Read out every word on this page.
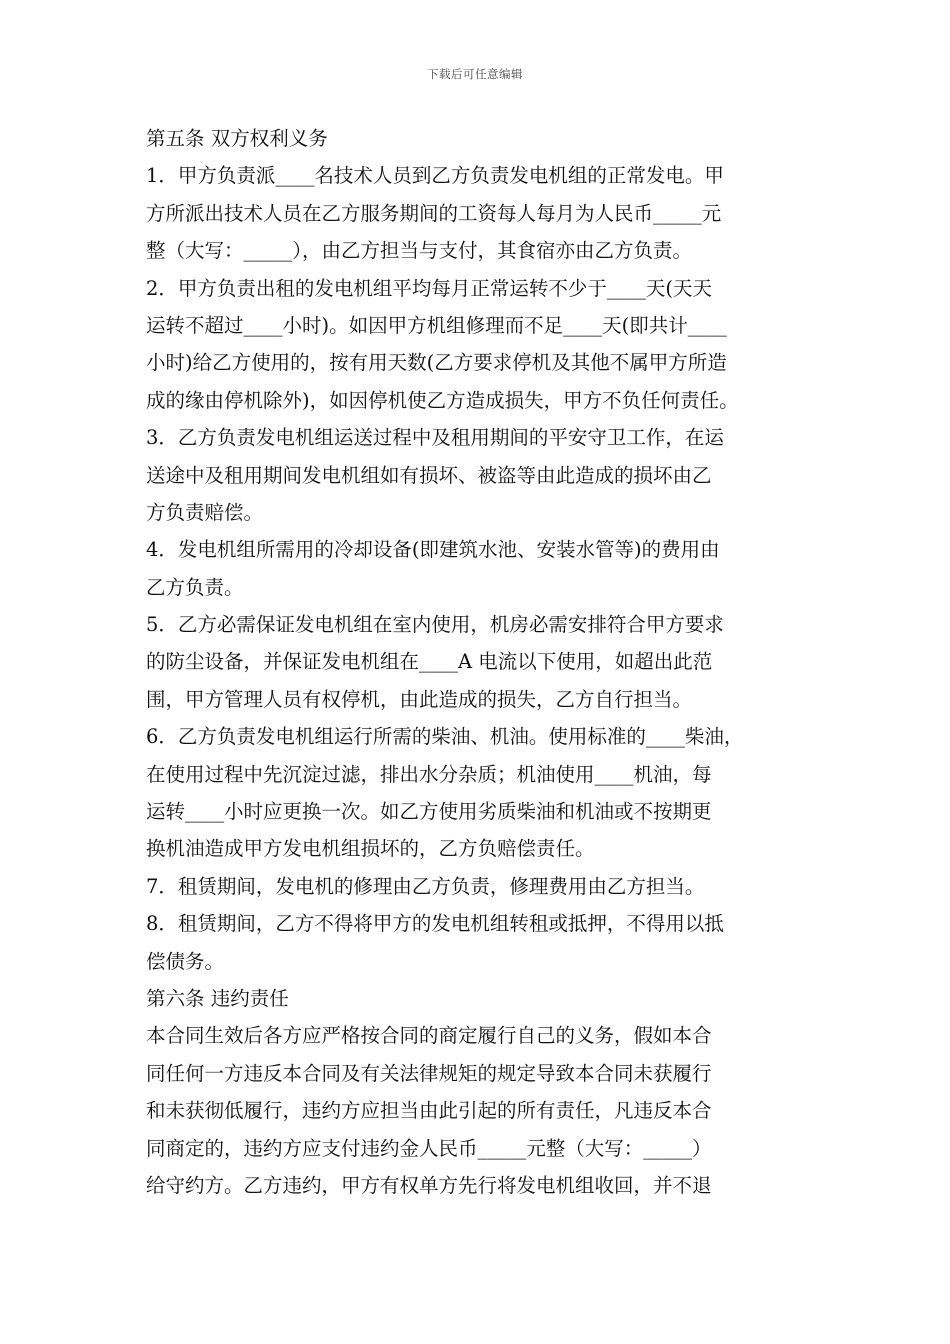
下载后可任意编辑
第五条 双方权利义务
1．甲方负责派____名技术人员到乙方负责发电机组的正常发电。甲
方所派出技术人员在乙方服务期间的工资每人每月为人民币_____元
整（大写：_____），由乙方担当与支付，其食宿亦由乙方负责。
2．甲方负责出租的发电机组平均每月正常运转不少于____天(天天
运转不超过____小时)。如因甲方机组修理而不足____天(即共计____
小时)给乙方使用的，按有用天数(乙方要求停机及其他不属甲方所造
成的缘由停机除外)，如因停机使乙方造成损失，甲方不负任何责任。
3．乙方负责发电机组运送过程中及租用期间的平安守卫工作，在运
送途中及租用期间发电机组如有损坏、被盗等由此造成的损坏由乙
方负责赔偿。
4．发电机组所需用的冷却设备(即建筑水池、安装水管等)的费用由
乙方负责。
5．乙方必需保证发电机组在室内使用，机房必需安排符合甲方要求
的防尘设备，并保证发电机组在____A 电流以下使用，如超出此范
围，甲方管理人员有权停机，由此造成的损失，乙方自行担当。
6．乙方负责发电机组运行所需的柴油、机油。使用标准的____柴油，
在使用过程中先沉淀过滤，排出水分杂质；机油使用____机油，每
运转____小时应更换一次。如乙方使用劣质柴油和机油或不按期更
换机油造成甲方发电机组损坏的，乙方负赔偿责任。
7．租赁期间，发电机的修理由乙方负责，修理费用由乙方担当。
8．租赁期间，乙方不得将甲方的发电机组转租或抵押，不得用以抵
偿债务。
第六条 违约责任
本合同生效后各方应严格按合同的商定履行自己的义务，假如本合
同任何一方违反本合同及有关法律规矩的规定导致本合同未获履行
和未获彻低履行，违约方应担当由此引起的所有责任，凡违反本合
同商定的，违约方应支付违约金人民币_____元整（大写：_____）
给守约方。乙方违约，甲方有权单方先行将发电机组收回，并不退
